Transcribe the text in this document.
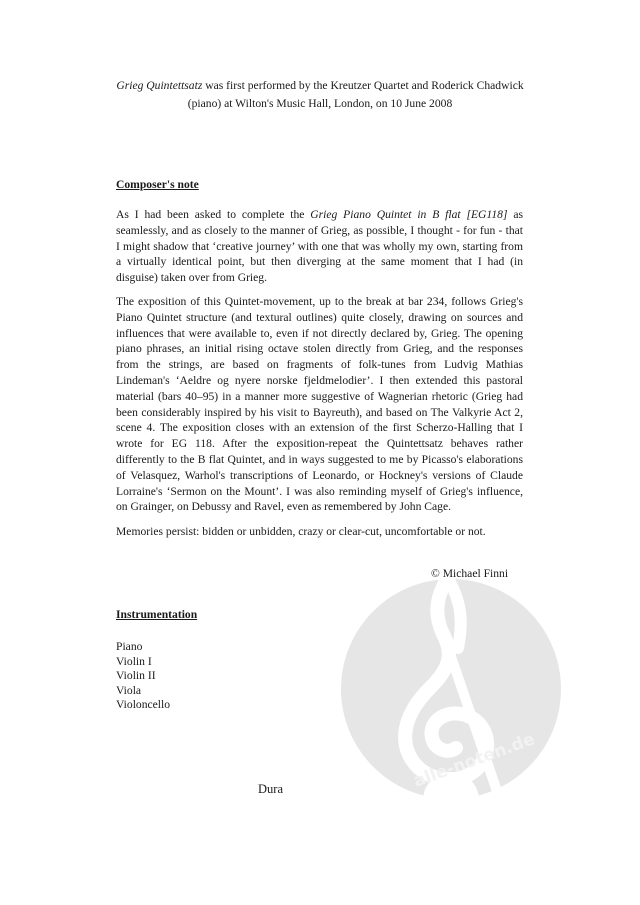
alle-noten.de
Grieg Quintettsatz was first performed by the Kreutzer Quartet and Roderick Chadwick
(piano) at Wilton's Music Hall, London, on 10 June 2008
Composer's note

As I had been asked to complete the Grieg Piano Quintet in B flat [EG118] as seamlessly, and as closely to the manner of Grieg, as possible, I thought - for fun - that I might shadow that ‘creative journey’ with one that was wholly my own, starting from a virtually identical point, but then diverging at the same moment that I had (in disguise) taken over from Grieg.

The exposition of this Quintet-movement, up to the break at bar 234, follows Grieg's Piano Quintet structure (and textural outlines) quite closely, drawing on sources and influences that were available to, even if not directly declared by, Grieg. The opening piano phrases, an initial rising octave stolen directly from Grieg, and the responses from the strings, are based on fragments of folk-tunes from Ludvig Mathias Lindeman's ‘Aeldre og nyere norske fjeldmelodier’. I then extended this pastoral material (bars 40–95) in a manner more suggestive of Wagnerian rhetoric (Grieg had been considerably inspired by his visit to Bayreuth), and based on The Valkyrie Act 2, scene 4. The exposition closes with an extension of the first Scherzo-Halling that I wrote for EG 118. After the exposition-repeat the Quintettsatz behaves rather differently to the B flat Quintet, and in ways suggested to me by Picasso's elaborations of Velasquez, Warhol's transcriptions of Leonardo, or Hockney's versions of Claude Lorraine's ‘Sermon on the Mount’. I was also reminding myself of Grieg's influence, on Grainger, on Debussy and Ravel, even as remembered by John Cage.

Memories persist: bidden or unbidden, crazy or clear-cut, uncomfortable or not.

© Michael Finni
Instrumentation
Piano
Violin I
Violin II
Viola
Violoncello
Dura
